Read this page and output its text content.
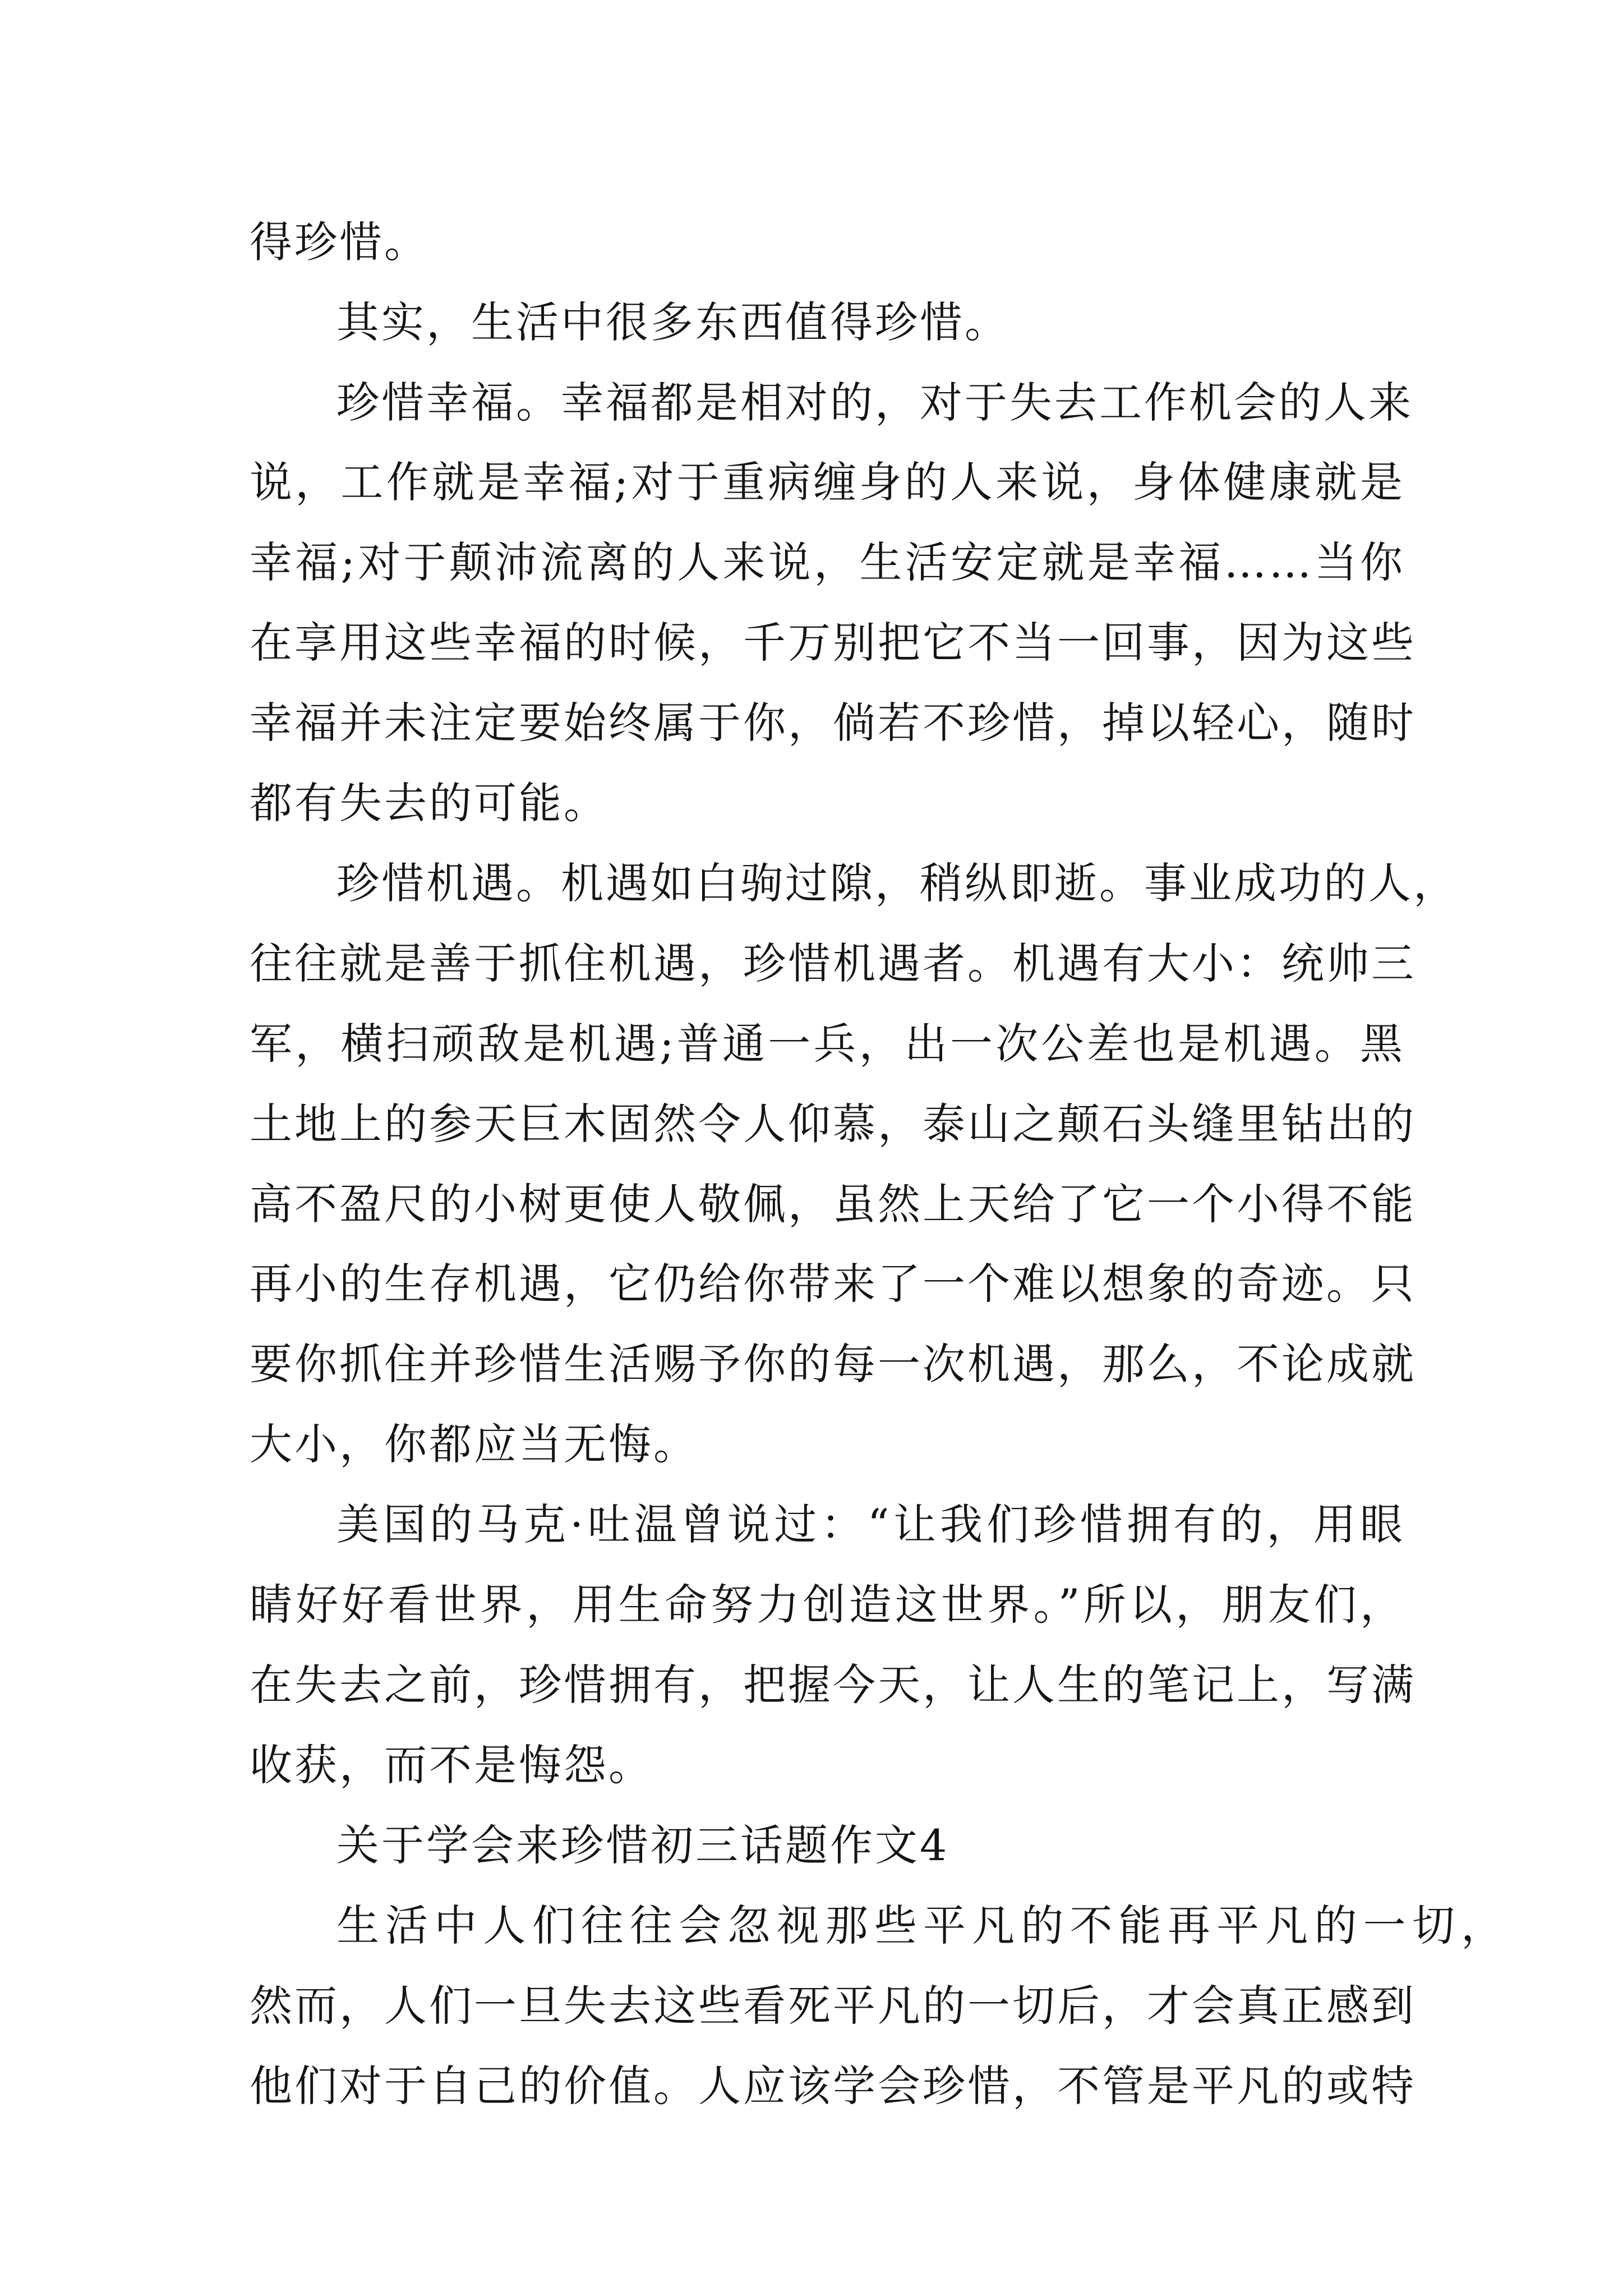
得珍惜。
其实，生活中很多东西值得珍惜。
珍惜幸福。幸福都是相对的，对于失去工作机会的人来
说，工作就是幸福;对于重病缠身的人来说，身体健康就是
幸福;对于颠沛流离的人来说，生活安定就是幸福……当你
在享用这些幸福的时候，千万别把它不当一回事，因为这些
幸福并未注定要始终属于你，倘若不珍惜，掉以轻心，随时
都有失去的可能。
珍惜机遇。机遇如白驹过隙，稍纵即逝。事业成功的人，
往往就是善于抓住机遇，珍惜机遇者。机遇有大小：统帅三
军，横扫顽敌是机遇;普通一兵，出一次公差也是机遇。黑
土地上的参天巨木固然令人仰慕，泰山之颠石头缝里钻出的
高不盈尺的小树更使人敬佩，虽然上天给了它一个小得不能
再小的生存机遇，它仍给你带来了一个难以想象的奇迹。只
要你抓住并珍惜生活赐予你的每一次机遇，那么，不论成就
大小，你都应当无悔。
美国的马克·吐温曾说过：“让我们珍惜拥有的，用眼
睛好好看世界，用生命努力创造这世界。”所以，朋友们，
在失去之前，珍惜拥有，把握今天，让人生的笔记上，写满
收获，而不是悔怨。
关于学会来珍惜初三话题作文4
生活中人们往往会忽视那些平凡的不能再平凡的一切，
然而，人们一旦失去这些看死平凡的一切后，才会真正感到
他们对于自己的价值。人应该学会珍惜，不管是平凡的或特
